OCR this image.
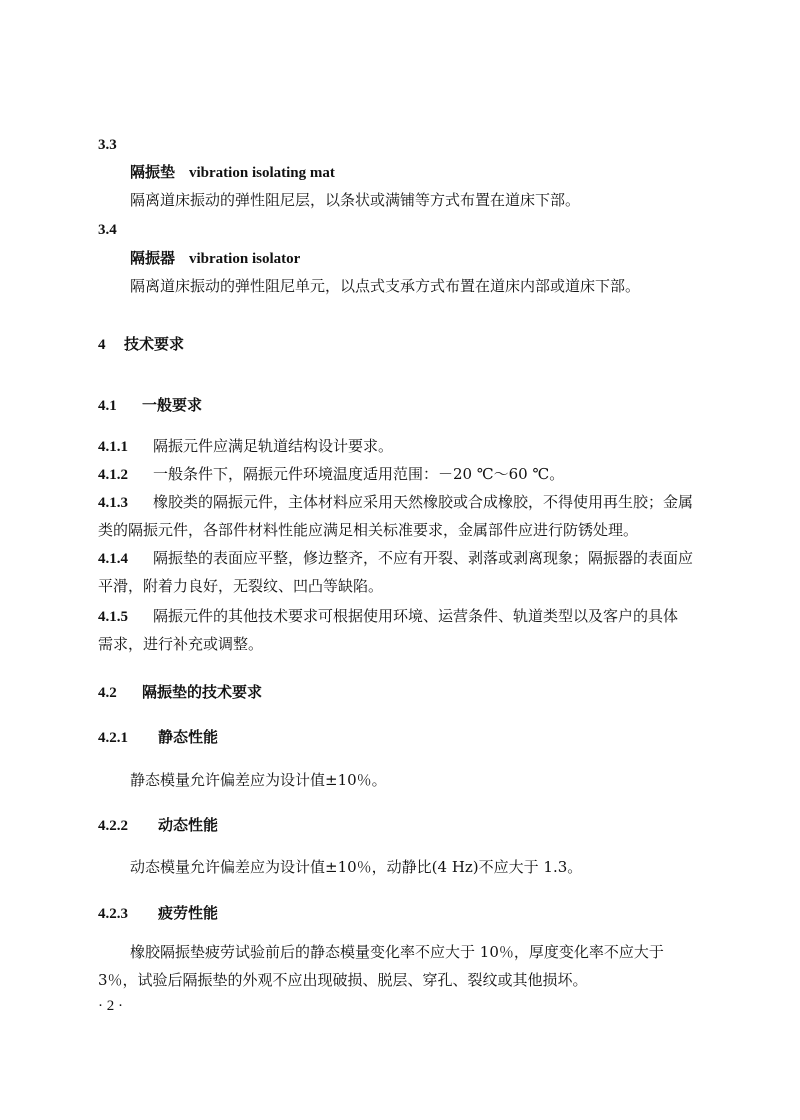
3.3
隔振垫 vibration isolating mat
隔离道床振动的弹性阻尼层，以条状或满铺等方式布置在道床下部。
3.4
隔振器 vibration isolator
隔离道床振动的弹性阻尼单元，以点式支承方式布置在道床内部或道床下部。
4 技术要求
4.1 一般要求
4.1.1 隔振元件应满足轨道结构设计要求。
4.1.2 一般条件下，隔振元件环境温度适用范围：－20 ℃～60 ℃。
4.1.3 橡胶类的隔振元件，主体材料应采用天然橡胶或合成橡胶，不得使用再生胶；金属
类的隔振元件，各部件材料性能应满足相关标准要求，金属部件应进行防锈处理。
4.1.4 隔振垫的表面应平整，修边整齐，不应有开裂、剥落或剥离现象；隔振器的表面应
平滑，附着力良好，无裂纹、凹凸等缺陷。
4.1.5 隔振元件的其他技术要求可根据使用环境、运营条件、轨道类型以及客户的具体
需求，进行补充或调整。
4.2 隔振垫的技术要求
4.2.1 静态性能
静态模量允许偏差应为设计值±10％。
4.2.2 动态性能
动态模量允许偏差应为设计值±10％，动静比(4 Hz)不应大于 1.3。
4.2.3 疲劳性能
橡胶隔振垫疲劳试验前后的静态模量变化率不应大于 10％，厚度变化率不应大于
3％，试验后隔振垫的外观不应出现破损、脱层、穿孔、裂纹或其他损坏。
· 2 ·
